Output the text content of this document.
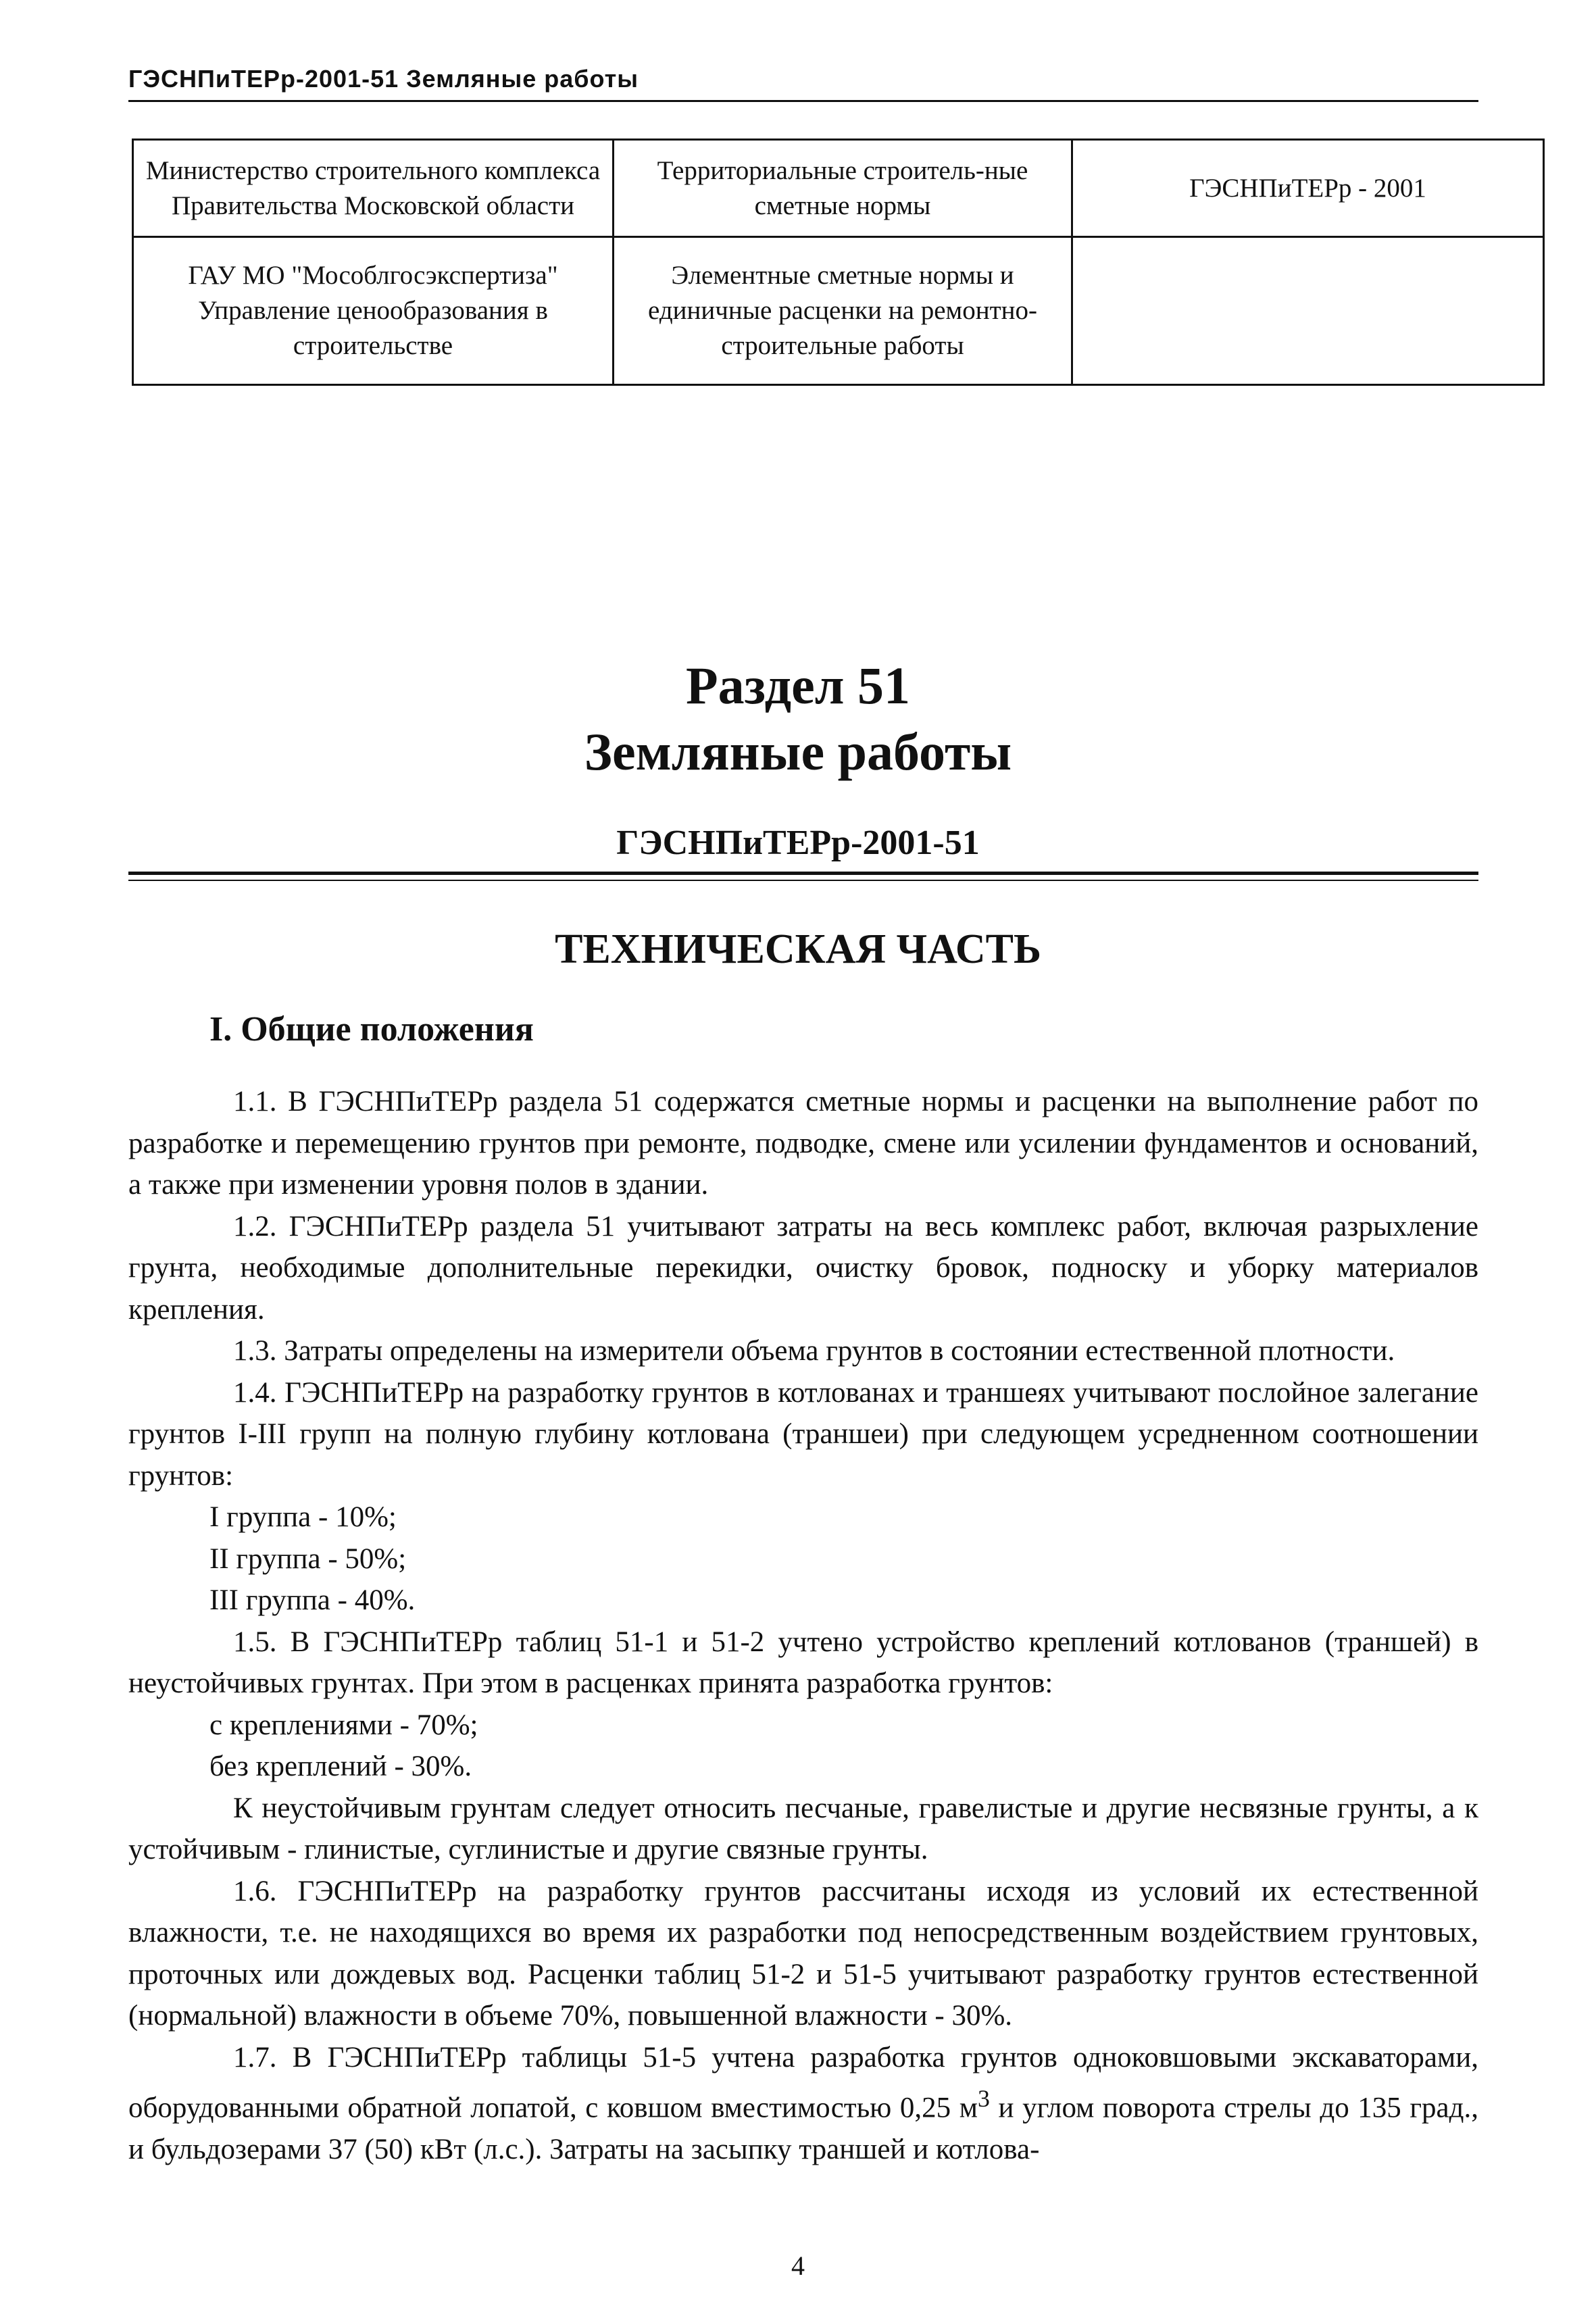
ГЭСНПиТЕРр-2001-51 Земляные работы
Министерство строительного комплекса Правительства Московской области	Территориальные строитель-ные сметные нормы	ГЭСНПиТЕРр - 2001
ГАУ МО "Мособлгосэкспертиза" Управление ценообразования в строительстве	Элементные сметные нормы и единичные расценки на ремонтно-строительные работы	
Раздел 51
Земляные работы
ГЭСНПиТЕРр-2001-51
ТЕХНИЧЕСКАЯ ЧАСТЬ
I. Общие положения

1.1. В ГЭСНПиТЕРр раздела 51 содержатся сметные нормы и расценки на выполнение работ по разработке и перемещению грунтов при ремонте, подводке, смене или усилении фундаментов и оснований, а также при изменении уровня полов в здании.

1.2. ГЭСНПиТЕРр раздела 51 учитывают затраты на весь комплекс работ, включая разрыхление грунта, необходимые дополнительные перекидки, очистку бровок, подноску и уборку материалов крепления.

1.3. Затраты определены на измерители объема грунтов в состоянии естественной плотности.

1.4. ГЭСНПиТЕРр на разработку грунтов в котлованах и траншеях учитывают послойное залегание грунтов I-III групп на полную глубину котлована (траншеи) при следующем усредненном соотношении грунтов:

I группа - 10%;

II группа - 50%;

III группа - 40%.

1.5. В ГЭСНПиТЕРр таблиц 51-1 и 51-2 учтено устройство креплений котлованов (траншей) в неустойчивых грунтах. При этом в расценках принята разработка грунтов:

с креплениями - 70%;

без креплений - 30%.

К неустойчивым грунтам следует относить песчаные, гравелистые и другие несвязные грунты, а к устойчивым - глинистые, суглинистые и другие связные грунты.

1.6. ГЭСНПиТЕРр на разработку грунтов рассчитаны исходя из условий их естественной влажности, т.е. не находящихся во время их разработки под непосредственным воздействием грунтовых, проточных или дождевых вод. Расценки таблиц 51-2 и 51-5 учитывают разработку грунтов естественной (нормальной) влажности в объеме 70%, повышенной влажности - 30%.

1.7. В ГЭСНПиТЕРр таблицы 51-5 учтена разработка грунтов одноковшовыми экскаваторами, оборудованными обратной лопатой, с ковшом вместимостью 0,25 $м^3$ и углом поворота стрелы до 135 град., и бульдозерами 37 (50) кВт (л.с.). Затраты на засыпку траншей и котлова-

4
